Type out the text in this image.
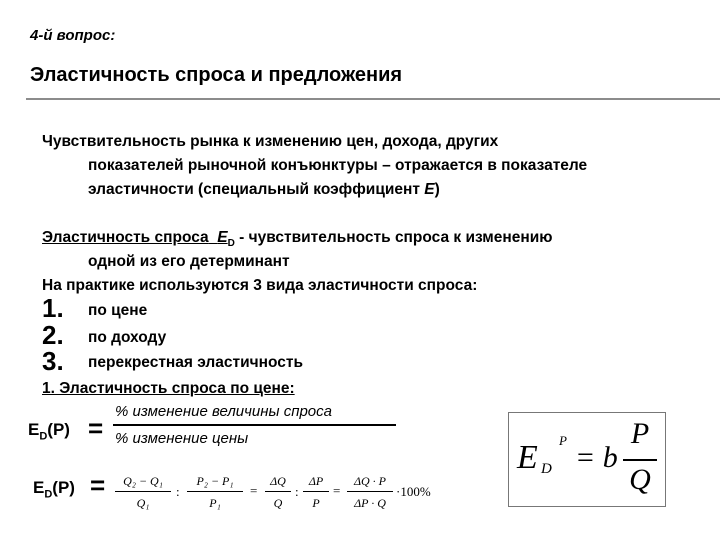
4-й вопрос:
Эластичность спроса и предложения
Чувствительность рынка к изменению цен, дохода, других
показателей рыночной конъюнктуры – отражается в показателе
эластичности (специальный коэффициент E)
Эластичность спроса $E_D$ - чувствительность спроса к изменению
одной из его детерминант
На практике используются 3 вида эластичности спроса:
1. по цене
2. по доходу
3. перекрестная эластичность
1. Эластичность спроса по цене:
$E_D(P)$ =
% изменение величины спроса
% изменение цены
$E_D(P)$ =	Q₂ − Q₁
Q₁
:
P₂ − P₁
P₁
=
ΔQ
Q
:
ΔP
P
=
ΔQ · P
ΔP · Q
·100%
E D
P
= b
P
Q
